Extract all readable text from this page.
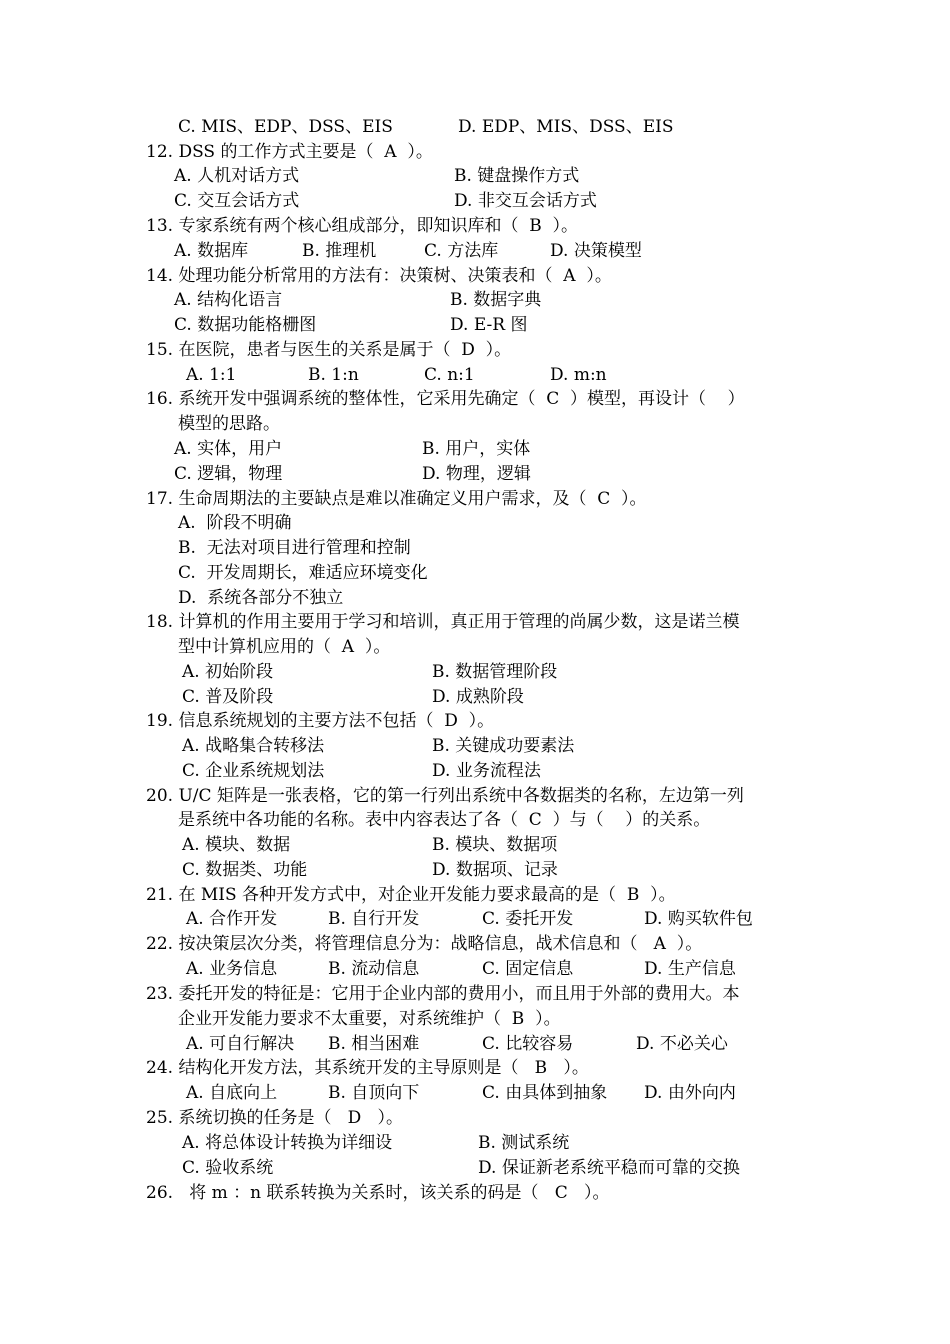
C. MIS、EDP、DSS、EIS	D. EDP、MIS、DSS、EIS
12. DSS 的工作方式主要是（  A  ）。
A. 人机对话方式	B. 键盘操作方式
C. 交互会话方式	D. 非交互会话方式
13. 专家系统有两个核心组成部分，即知识库和（  B  ）。
A. 数据库	B. 推理机	C. 方法库	D. 决策模型
14. 处理功能分析常用的方法有：决策树、决策表和（  A  ）。
A. 结构化语言	B. 数据字典
C. 数据功能格栅图	D. E-R 图
15. 在医院，患者与医生的关系是属于（  D  ）。
A. 1:1	B. 1:n	C. n:1	D. m:n
16. 系统开发中强调系统的整体性，它采用先确定（  C  ）模型，再设计（    ）
模型的思路。
A. 实体，用户	B. 用户，实体
C. 逻辑，物理	D. 物理，逻辑
17. 生命周期法的主要缺点是难以准确定义用户需求，及（  C  ）。
A.  阶段不明确
B.  无法对项目进行管理和控制
C.  开发周期长，难适应环境变化
D.  系统各部分不独立
18. 计算机的作用主要用于学习和培训，真正用于管理的尚属少数，这是诺兰模
型中计算机应用的（  A  ）。
A. 初始阶段	B. 数据管理阶段
C. 普及阶段	D. 成熟阶段
19. 信息系统规划的主要方法不包括（  D  ）。
A. 战略集合转移法	B. 关键成功要素法
C. 企业系统规划法	D. 业务流程法
20. U/C 矩阵是一张表格，它的第一行列出系统中各数据类的名称，左边第一列
是系统中各功能的名称。表中内容表达了各（  C  ）与（    ）的关系。
A. 模块、数据	B. 模块、数据项
C. 数据类、功能	D. 数据项、记录
21. 在 MIS 各种开发方式中，对企业开发能力要求最高的是（  B  ）。
A. 合作开发	B. 自行开发	C. 委托开发	D. 购买软件包
22. 按决策层次分类，将管理信息分为：战略信息，战术信息和（   A  ）。
A. 业务信息	B. 流动信息	C. 固定信息	D. 生产信息
23. 委托开发的特征是：它用于企业内部的费用小，而且用于外部的费用大。本
企业开发能力要求不太重要，对系统维护（  B  ）。
A. 可自行解决 B. 相当困难	C. 比较容易	D. 不必关心
24. 结构化开发方法，其系统开发的主导原则是（   B   ）。
A. 自底向上	B. 自顶向下	C. 由具体到抽象 D. 由外向内
25. 系统切换的任务是（   D   ）。
A. 将总体设计转换为详细设	B. 测试系统
C. 验收系统	D. 保证新老系统平稳而可靠的交换
26.   将 m ：n 联系转换为关系时，该关系的码是（   C   ）。
